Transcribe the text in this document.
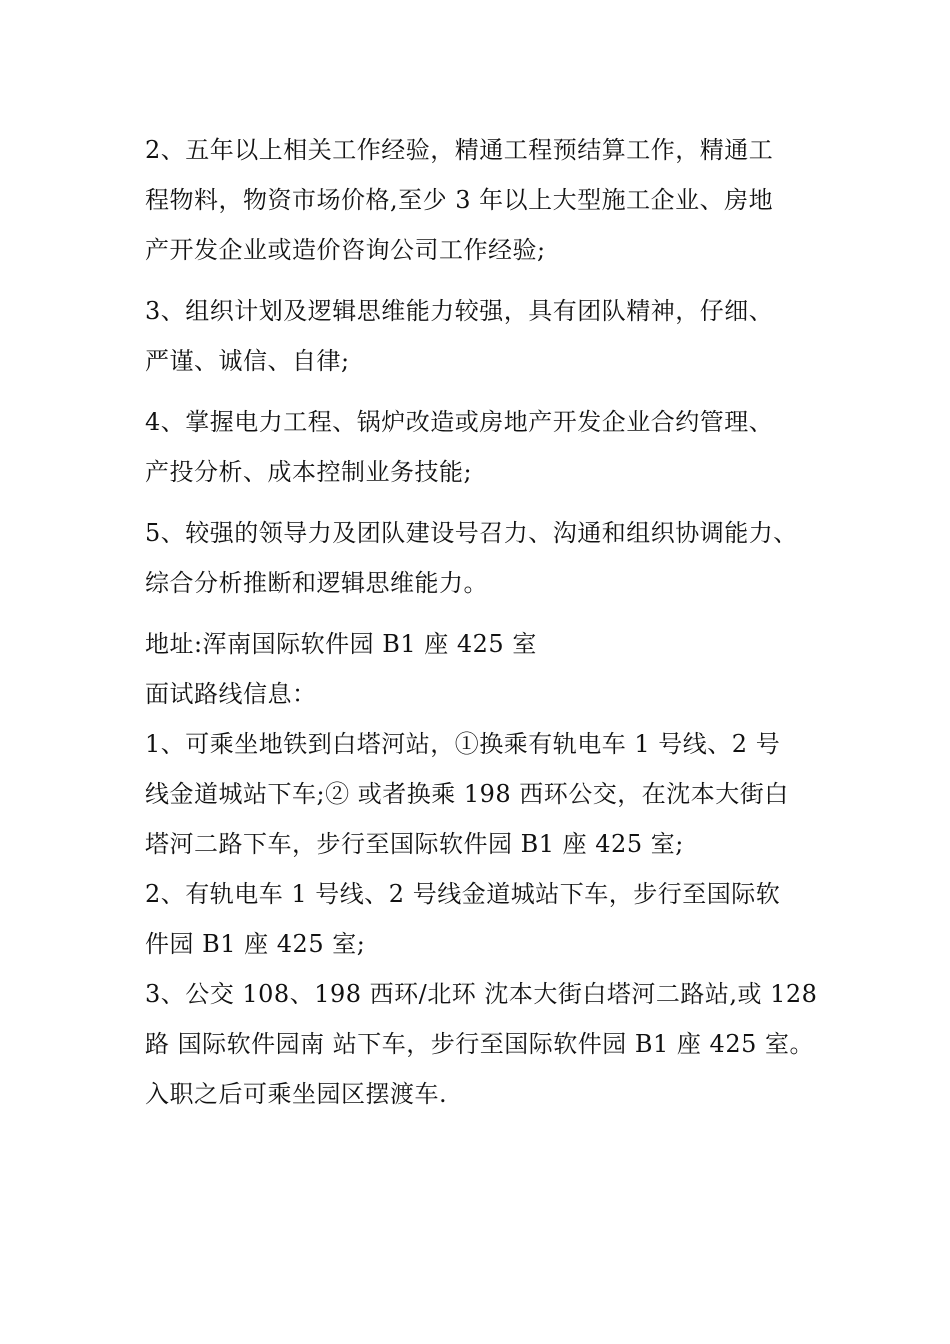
2、五年以上相关工作经验，精通工程预结算工作，精通工
程物料，物资市场价格,至少 3 年以上大型施工企业、房地
产开发企业或造价咨询公司工作经验;
3、组织计划及逻辑思维能力较强，具有团队精神，仔细、
严谨、诚信、自律;
4、掌握电力工程、锅炉改造或房地产开发企业合约管理、
产投分析、成本控制业务技能;
5、较强的领导力及团队建设号召力、沟通和组织协调能力、
综合分析推断和逻辑思维能力。
地址:浑南国际软件园 B1 座 425 室
面试路线信息：
1、可乘坐地铁到白塔河站，①换乘有轨电车 1 号线、2 号
线金道城站下车;② 或者换乘 198 西环公交，在沈本大街白
塔河二路下车，步行至国际软件园 B1 座 425 室;
2、有轨电车 1 号线、2 号线金道城站下车，步行至国际软
件园 B1 座 425 室;
3、公交 108、198 西环/北环 沈本大街白塔河二路站,或 128
路 国际软件园南 站下车，步行至国际软件园 B1 座 425 室。
入职之后可乘坐园区摆渡车.
